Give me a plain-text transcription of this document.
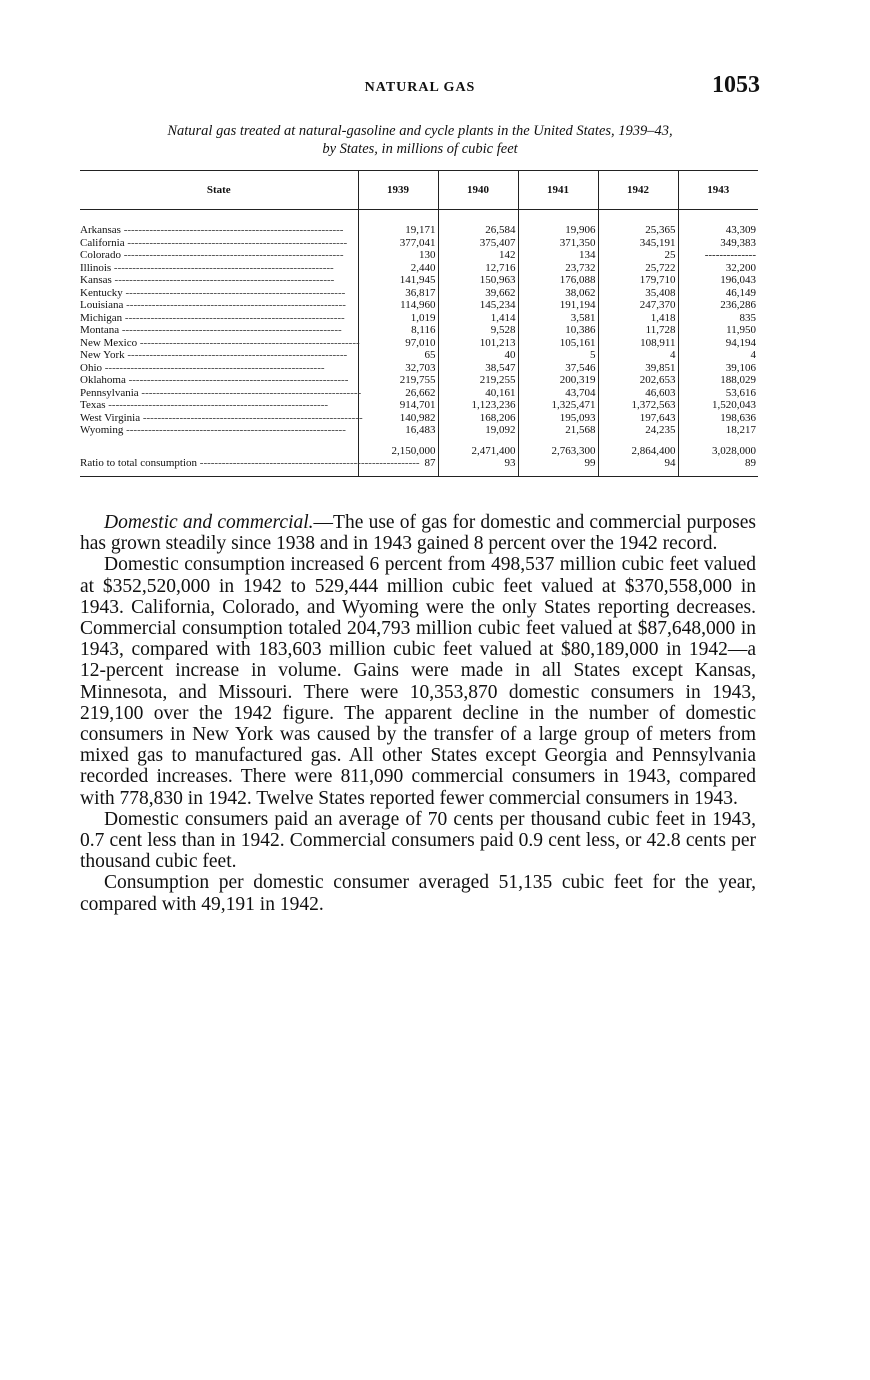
NATURAL GAS	1053
Natural gas treated at natural-gasoline and cycle plants in the United States, 1939–43,
by States, in millions of cubic feet
State	1939	1940	1941	1942	1943

Arkansas ------------------------------------------------------------	19,171	26,584	19,906	25,365	43,309
California ------------------------------------------------------------	377,041	375,407	371,350	345,191	349,383
Colorado ------------------------------------------------------------	130	142	134	25	--------------
Illinois ------------------------------------------------------------	2,440	12,716	23,732	25,722	32,200
Kansas ------------------------------------------------------------	141,945	150,963	176,088	179,710	196,043
Kentucky ------------------------------------------------------------	36,817	39,662	38,062	35,408	46,149
Louisiana ------------------------------------------------------------	114,960	145,234	191,194	247,370	236,286
Michigan ------------------------------------------------------------	1,019	1,414	3,581	1,418	835
Montana ------------------------------------------------------------	8,116	9,528	10,386	11,728	11,950
New Mexico ------------------------------------------------------------	97,010	101,213	105,161	108,911	94,194
New York ------------------------------------------------------------	65	40	5	4	4
Ohio ------------------------------------------------------------	32,703	38,547	37,546	39,851	39,106
Oklahoma ------------------------------------------------------------	219,755	219,255	200,319	202,653	188,029
Pennsylvania ------------------------------------------------------------	26,662	40,161	43,704	46,603	53,616
Texas ------------------------------------------------------------	914,701	1,123,236	1,325,471	1,372,563	1,520,043
West Virginia ------------------------------------------------------------	140,982	168,206	195,093	197,643	198,636
Wyoming ------------------------------------------------------------	16,483	19,092	21,568	24,235	18,217

	2,150,000	2,471,400	2,763,300	2,864,400	3,028,000
Ratio to total consumption ------------------------------------------------------------	87	93	99	94	89

Domestic and commercial.—The use of gas for domestic and commercial purposes has grown steadily since 1938 and in 1943 gained 8 percent over the 1942 record.

Domestic consumption increased 6 percent from 498,537 million cubic feet valued at $352,520,000 in 1942 to 529,444 million cubic feet valued at $370,558,000 in 1943. California, Colorado, and Wyoming were the only States reporting decreases. Commercial consumption totaled 204,793 million cubic feet valued at $87,648,000 in 1943, compared with 183,603 million cubic feet valued at $80,189,000 in 1942—a 12-percent increase in volume. Gains were made in all States except Kansas, Minnesota, and Missouri. There were 10,353,870 domestic consumers in 1943, 219,100 over the 1942 figure. The apparent decline in the number of domestic consumers in New York was caused by the transfer of a large group of meters from mixed gas to manufactured gas. All other States except Georgia and Pennsylvania recorded increases. There were 811,090 commercial consumers in 1943, compared with 778,830 in 1942. Twelve States reported fewer commercial consumers in 1943.

Domestic consumers paid an average of 70 cents per thousand cubic feet in 1943, 0.7 cent less than in 1942. Commercial consumers paid 0.9 cent less, or 42.8 cents per thousand cubic feet.

Consumption per domestic consumer averaged 51,135 cubic feet for the year, compared with 49,191 in 1942.
